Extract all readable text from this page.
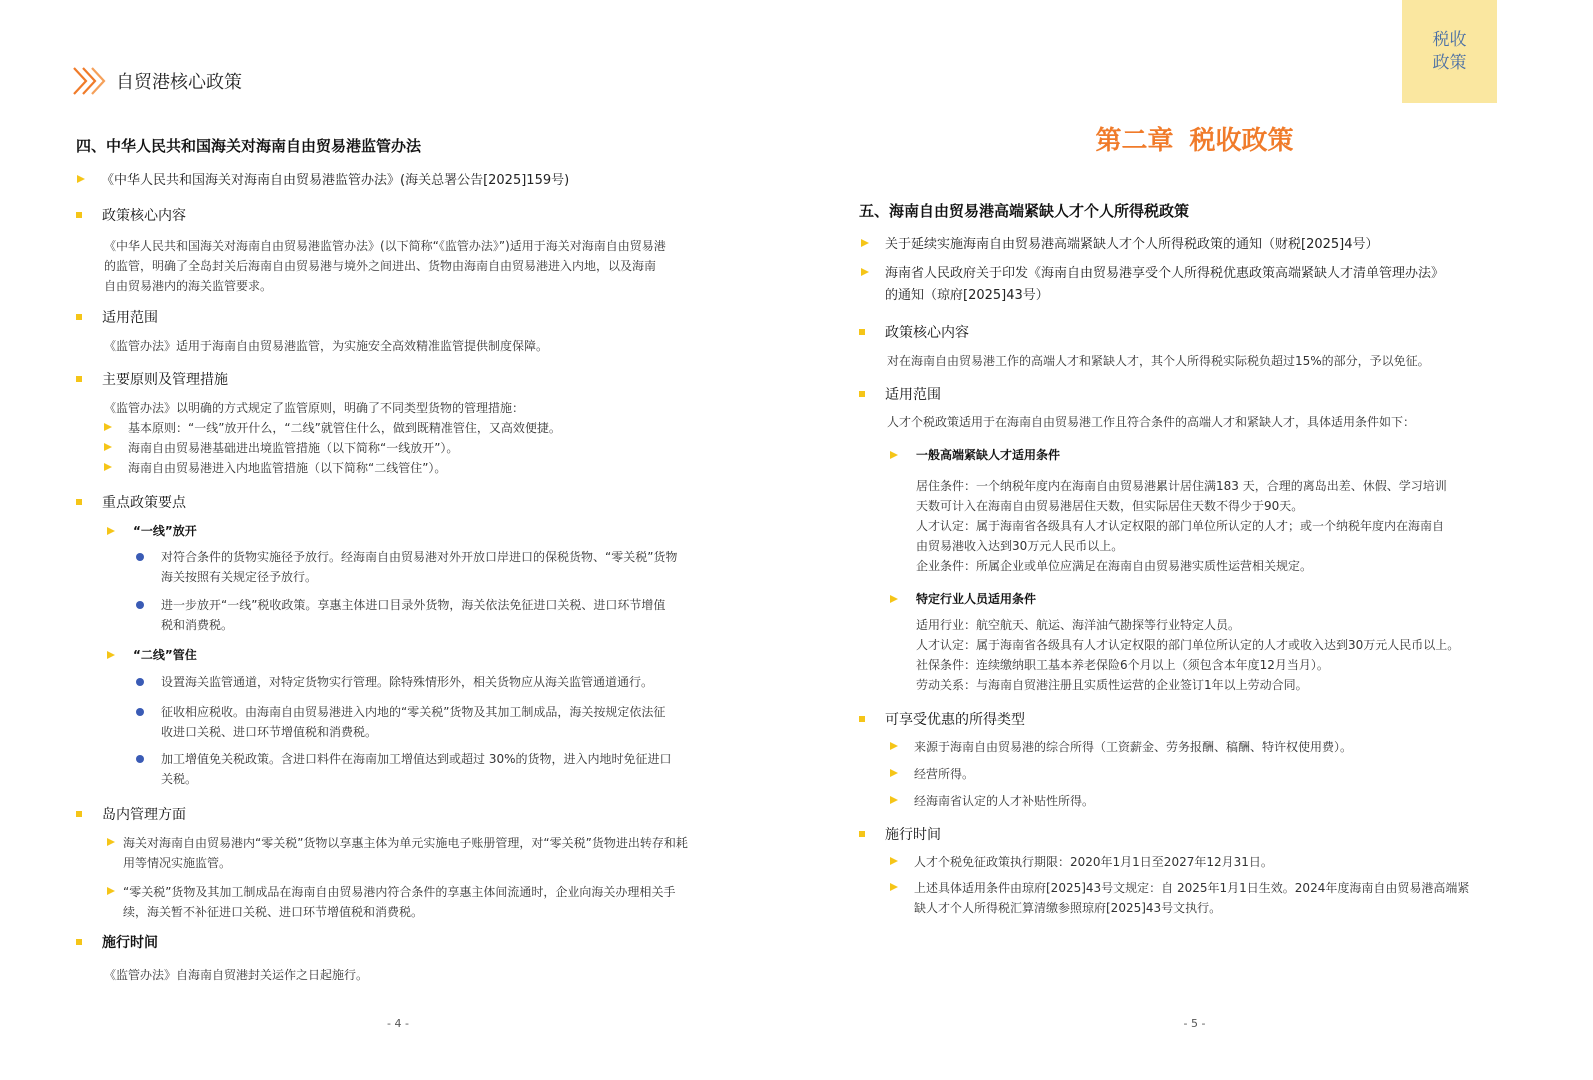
自贸港核心政策
四、中华人民共和国海关对海南自由贸易港监管办法
《中华人民共和国海关对海南自由贸易港监管办法》(海关总署公告[2025]159号)
政策核心内容
《中华人民共和国海关对海南自由贸易港监管办法》(以下简称“《监管办法》”)适用于海关对海南自由贸易港
的监管，明确了全岛封关后海南自由贸易港与境外之间进出、货物由海南自由贸易港进入内地，以及海南
自由贸易港内的海关监管要求。
适用范围
《监管办法》适用于海南自由贸易港监管，为实施安全高效精准监管提供制度保障。
主要原则及管理措施
《监管办法》以明确的方式规定了监管原则，明确了不同类型货物的管理措施：
基本原则：“一线”放开什么，“二线”就管住什么，做到既精准管住，又高效便捷。
海南自由贸易港基础进出境监管措施（以下简称“一线放开”）。
海南自由贸易港进入内地监管措施（以下简称“二线管住”）。
重点政策要点
“一线”放开
对符合条件的货物实施径予放行。经海南自由贸易港对外开放口岸进口的保税货物、“零关税”货物
海关按照有关规定径予放行。
进一步放开“一线”税收政策。享惠主体进口目录外货物，海关依法免征进口关税、进口环节增值
税和消费税。
“二线”管住
设置海关监管通道，对特定货物实行管理。除特殊情形外，相关货物应从海关监管通道通行。
征收相应税收。由海南自由贸易港进入内地的“零关税”货物及其加工制成品，海关按规定依法征
收进口关税、进口环节增值税和消费税。
加工增值免关税政策。含进口料件在海南加工增值达到或超过 30%的货物，进入内地时免征进口
关税。
岛内管理方面
海关对海南自由贸易港内“零关税”货物以享惠主体为单元实施电子账册管理，对“零关税”货物进出转存和耗
用等情况实施监管。
“零关税”货物及其加工制成品在海南自由贸易港内符合条件的享惠主体间流通时，企业向海关办理相关手
续，海关暂不补征进口关税、进口环节增值税和消费税。
施行时间
《监管办法》自海南自贸港封关运作之日起施行。
- 4 -
税收
政策
第二章 税收政策
五、海南自由贸易港高端紧缺人才个人所得税政策
关于延续实施海南自由贸易港高端紧缺人才个人所得税政策的通知（财税[2025]4号）
海南省人民政府关于印发《海南自由贸易港享受个人所得税优惠政策高端紧缺人才清单管理办法》
的通知（琼府[2025]43号）
政策核心内容
对在海南自由贸易港工作的高端人才和紧缺人才，其个人所得税实际税负超过15%的部分，予以免征。
适用范围
人才个税政策适用于在海南自由贸易港工作且符合条件的高端人才和紧缺人才，具体适用条件如下：
一般高端紧缺人才适用条件
居住条件：一个纳税年度内在海南自由贸易港累计居住满183 天，合理的离岛出差、休假、学习培训
天数可计入在海南自由贸易港居住天数，但实际居住天数不得少于90天。
人才认定：属于海南省各级具有人才认定权限的部门单位所认定的人才；或一个纳税年度内在海南自
由贸易港收入达到30万元人民币以上。
企业条件：所属企业或单位应满足在海南自由贸易港实质性运营相关规定。
特定行业人员适用条件
适用行业：航空航天、航运、海洋油气勘探等行业特定人员。
人才认定：属于海南省各级具有人才认定权限的部门单位所认定的人才或收入达到30万元人民币以上。
社保条件：连续缴纳职工基本养老保险6个月以上（须包含本年度12月当月）。
劳动关系：与海南自贸港注册且实质性运营的企业签订1年以上劳动合同。
可享受优惠的所得类型
来源于海南自由贸易港的综合所得（工资薪金、劳务报酬、稿酬、特许权使用费）。
经营所得。
经海南省认定的人才补贴性所得。
施行时间
人才个税免征政策执行期限：2020年1月1日至2027年12月31日。
上述具体适用条件由琼府[2025]43号文规定：自 2025年1月1日生效。2024年度海南自由贸易港高端紧
缺人才个人所得税汇算清缴参照琼府[2025]43号文执行。
- 5 -
